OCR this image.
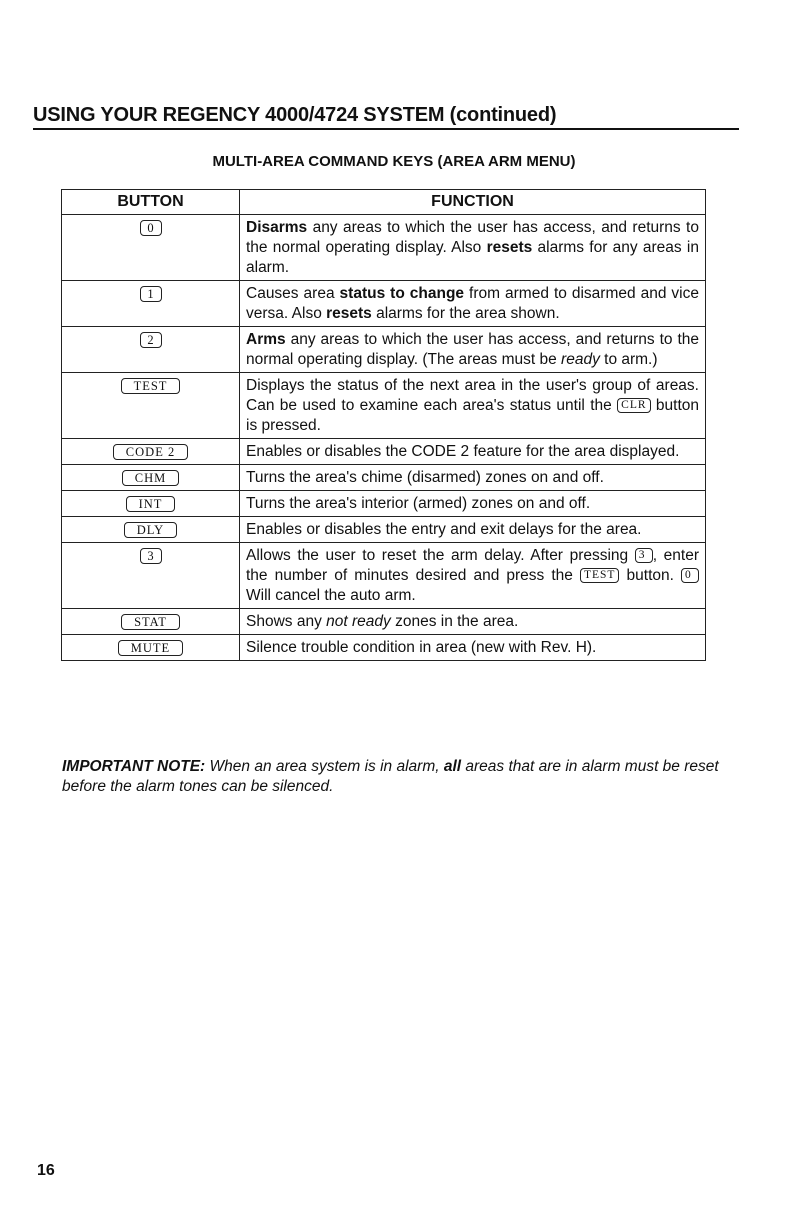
USING YOUR REGENCY 4000/4724 SYSTEM (continued)
MULTI-AREA COMMAND KEYS (AREA ARM MENU)
BUTTON	FUNCTION
0	Disarms any areas to which the user has access, and returns to the normal operating display. Also resets alarms for any areas in alarm.
1	Causes area status to change from armed to disarmed and vice versa. Also resets alarms for the area shown.
2	Arms any areas to which the user has access, and returns to the normal operating display. (The areas must be ready to arm.)
TEST	Displays the status of the next area in the user's group of areas. Can be used to examine each area's status until the CLR button is pressed.
CODE 2	Enables or disables the CODE 2 feature for the area displayed.
CHM	Turns the area's chime (disarmed) zones on and off.
INT	Turns the area's interior (armed) zones on and off.
DLY	Enables or disables the entry and exit delays for the area.
3	Allows the user to reset the arm delay. After pressing 3 , enter the number of minutes desired and press the TEST button. 0 Will cancel the auto arm.
STAT	Shows any not ready zones in the area.
MUTE	Silence trouble condition in area (new with Rev. H).
IMPORTANT NOTE: When an area system is in alarm, all areas that are in alarm must be reset before the alarm tones can be silenced.
16
